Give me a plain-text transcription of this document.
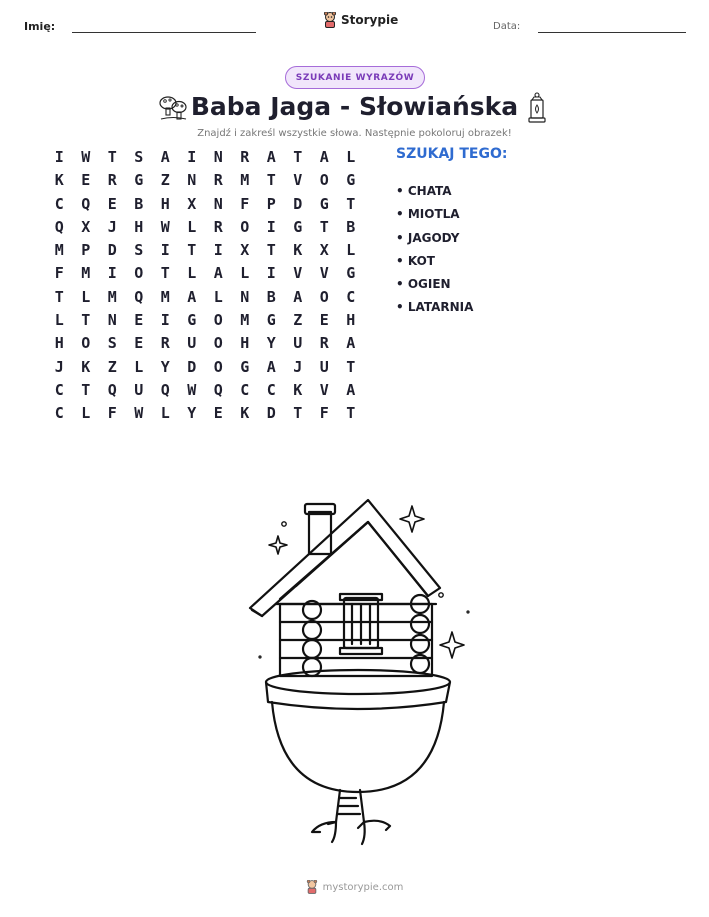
Imię:	Storypie	Data:
SZUKANIE WYRAZÓW
Baba Jaga - Słowiańska
Znajdź i zakreśl wszystkie słowa. Następnie pokoloruj obrazek!
I	W	T	S	A	I	N	R	A	T	A	L
K	E	R	G	Z	N	R	M	T	V	O	G
C	Q	E	B	H	X	N	F	P	D	G	T
Q	X	J	H	W	L	R	O	I	G	T	B
M	P	D	S	I	T	I	X	T	K	X	L
F	M	I	O	T	L	A	L	I	V	V	G
T	L	M	Q	M	A	L	N	B	A	O	C
L	T	N	E	I	G	O	M	G	Z	E	H
H	O	S	E	R	U	O	H	Y	U	R	A
J	K	Z	L	Y	D	O	G	A	J	U	T
C	T	Q	U	Q	W	Q	C	C	K	V	A
C	L	F	W	L	Y	E	K	D	T	F	T
SZUKAJ TEGO:
• CHATA
• MIOTLA
• JAGODY
• KOT
• OGIEN
• LATARNIA
mystorypie.com
